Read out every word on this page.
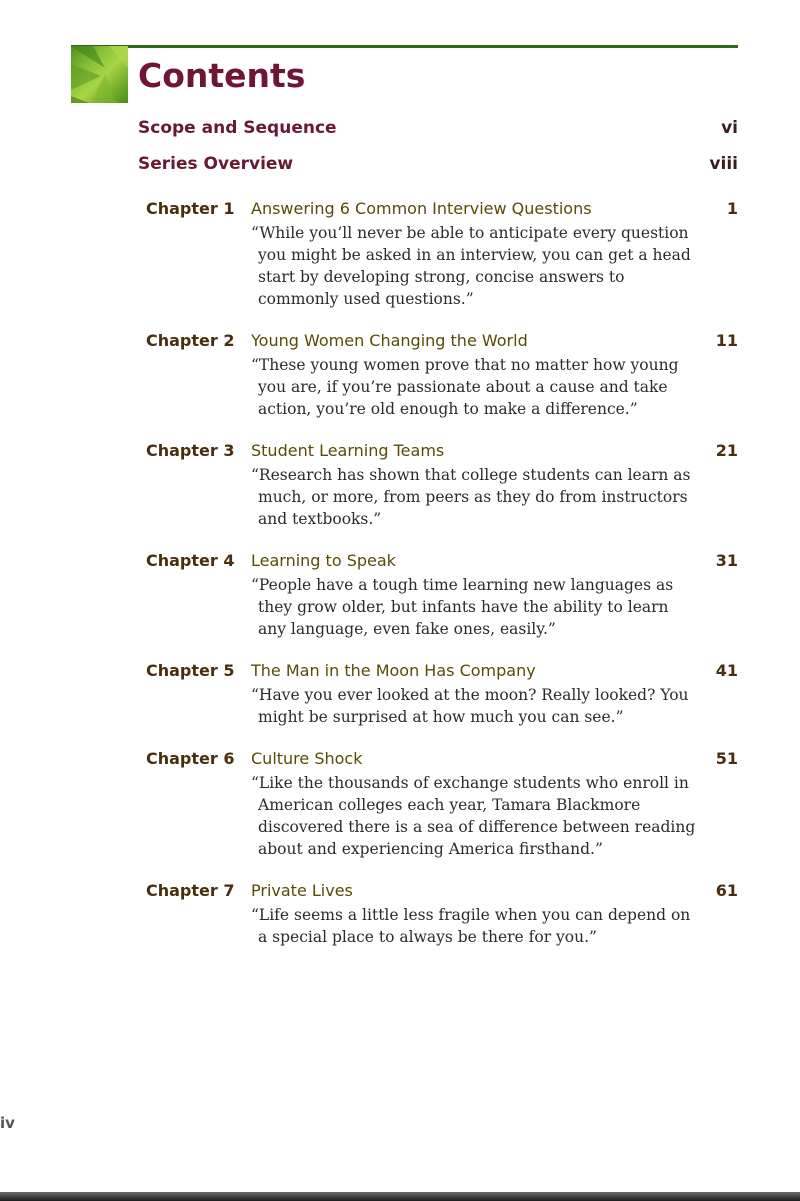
Contents
Scope and Sequence	vi
Series Overview	viii
Chapter 1	Answering 6 Common Interview Questions	1
“While you’ll never be able to anticipate every question you might be asked in an interview, you can get a head start by developing strong, concise answers to commonly used questions.”
Chapter 2	Young Women Changing the World	11
“These young women prove that no matter how young you are, if you’re passionate about a cause and take action, you’re old enough to make a difference.”
Chapter 3	Student Learning Teams	21
“Research has shown that college students can learn as much, or more, from peers as they do from instructors and textbooks.”
Chapter 4	Learning to Speak	31
“People have a tough time learning new languages as they grow older, but infants have the ability to learn any language, even fake ones, easily.”
Chapter 5	The Man in the Moon Has Company	41
“Have you ever looked at the moon? Really looked? You might be surprised at how much you can see.”
Chapter 6	Culture Shock	51
“Like the thousands of exchange students who enroll in American colleges each year, Tamara Blackmore discovered there is a sea of difference between reading about and experiencing America firsthand.”
Chapter 7	Private Lives	61
“Life seems a little less fragile when you can depend on a special place to always be there for you.”
iv
